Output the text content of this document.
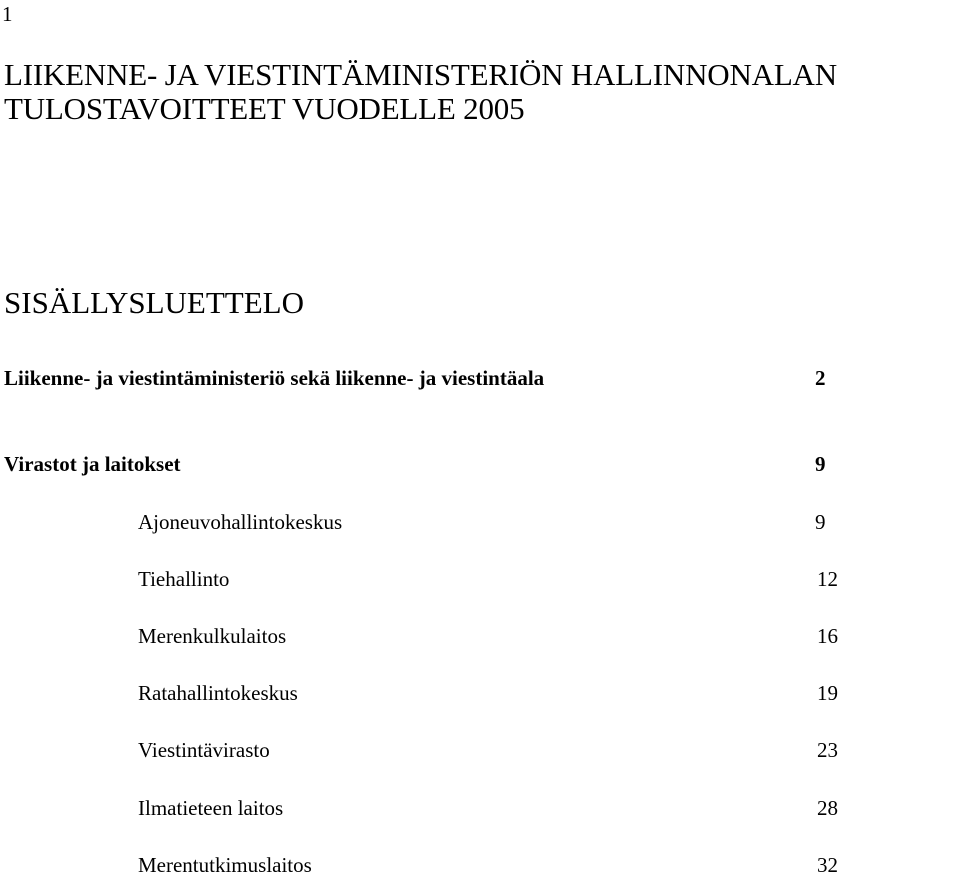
1
LIIKENNE- JA VIESTINTÄMINISTERIÖN HALLINNONALAN
TULOSTAVOITTEET VUODELLE 2005
SISÄLLYSLUETTELO
Liikenne- ja viestintäministeriö sekä liikenne- ja viestintäala	2
Virastot ja laitokset	9
Ajoneuvohallintokeskus	9
Tiehallinto	12
Merenkulkulaitos	16
Ratahallintokeskus	19
Viestintävirasto	23
Ilmatieteen laitos	28
Merentutkimuslaitos	32
